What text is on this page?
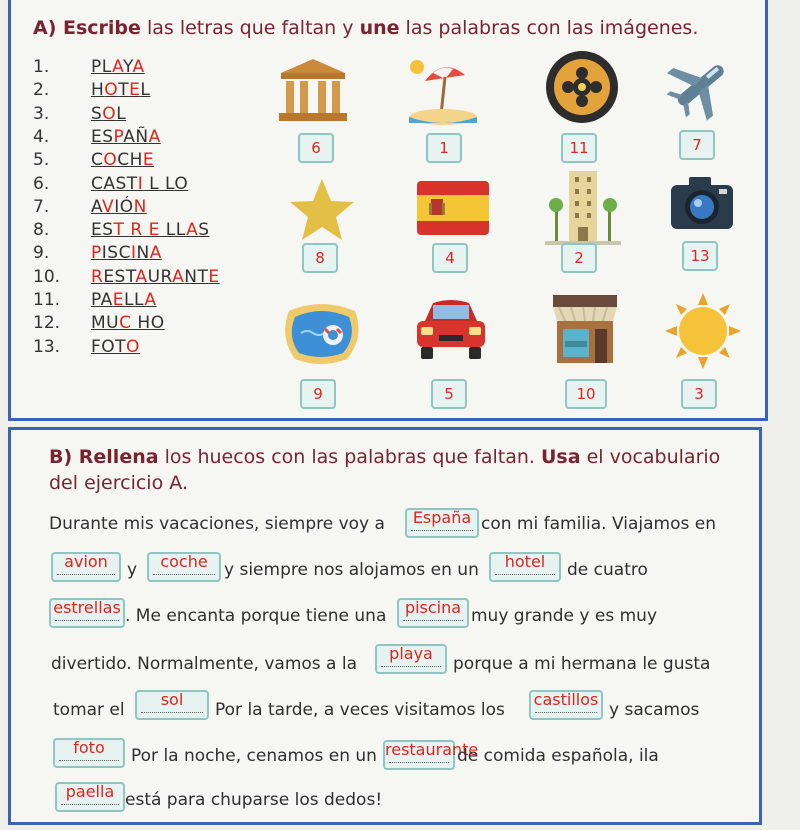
A) Escribe las letras que faltan y une las palabras con las imágenes.
1.	PLAYA
2.	HOTEL
3.	SOL
4.	ESPAÑA
5.	COCHE
6.	CASTI L LO
7.	AVIÓN
8.	EST R E LLAS
9.	PISCINA
10. RESTAURANTE
11. PAELLA
12. MUC HO
13. FOTO
6	1	11	7
8	4	2	13
9	5	10	3
B) Rellena los huecos con las palabras que faltan. Usa el vocabulario
del ejercicio A.
Durante mis vacaciones, siempre voy a	España con mi familia. Viajamos en
avion	y	coche y siempre nos alojamos en un	hotel	de cuatro
estrellas . Me encanta porque tiene una	piscina muy grande y es muy
divertido. Normalmente, vamos a la
playa
porque a mi hermana le gusta
tomar el
sol
Por la tarde, a veces visitamos los
castillos
y sacamos
foto	Por la noche, cenamos en un restaurante
de comida española, ila
paella está para chuparse los dedos!
